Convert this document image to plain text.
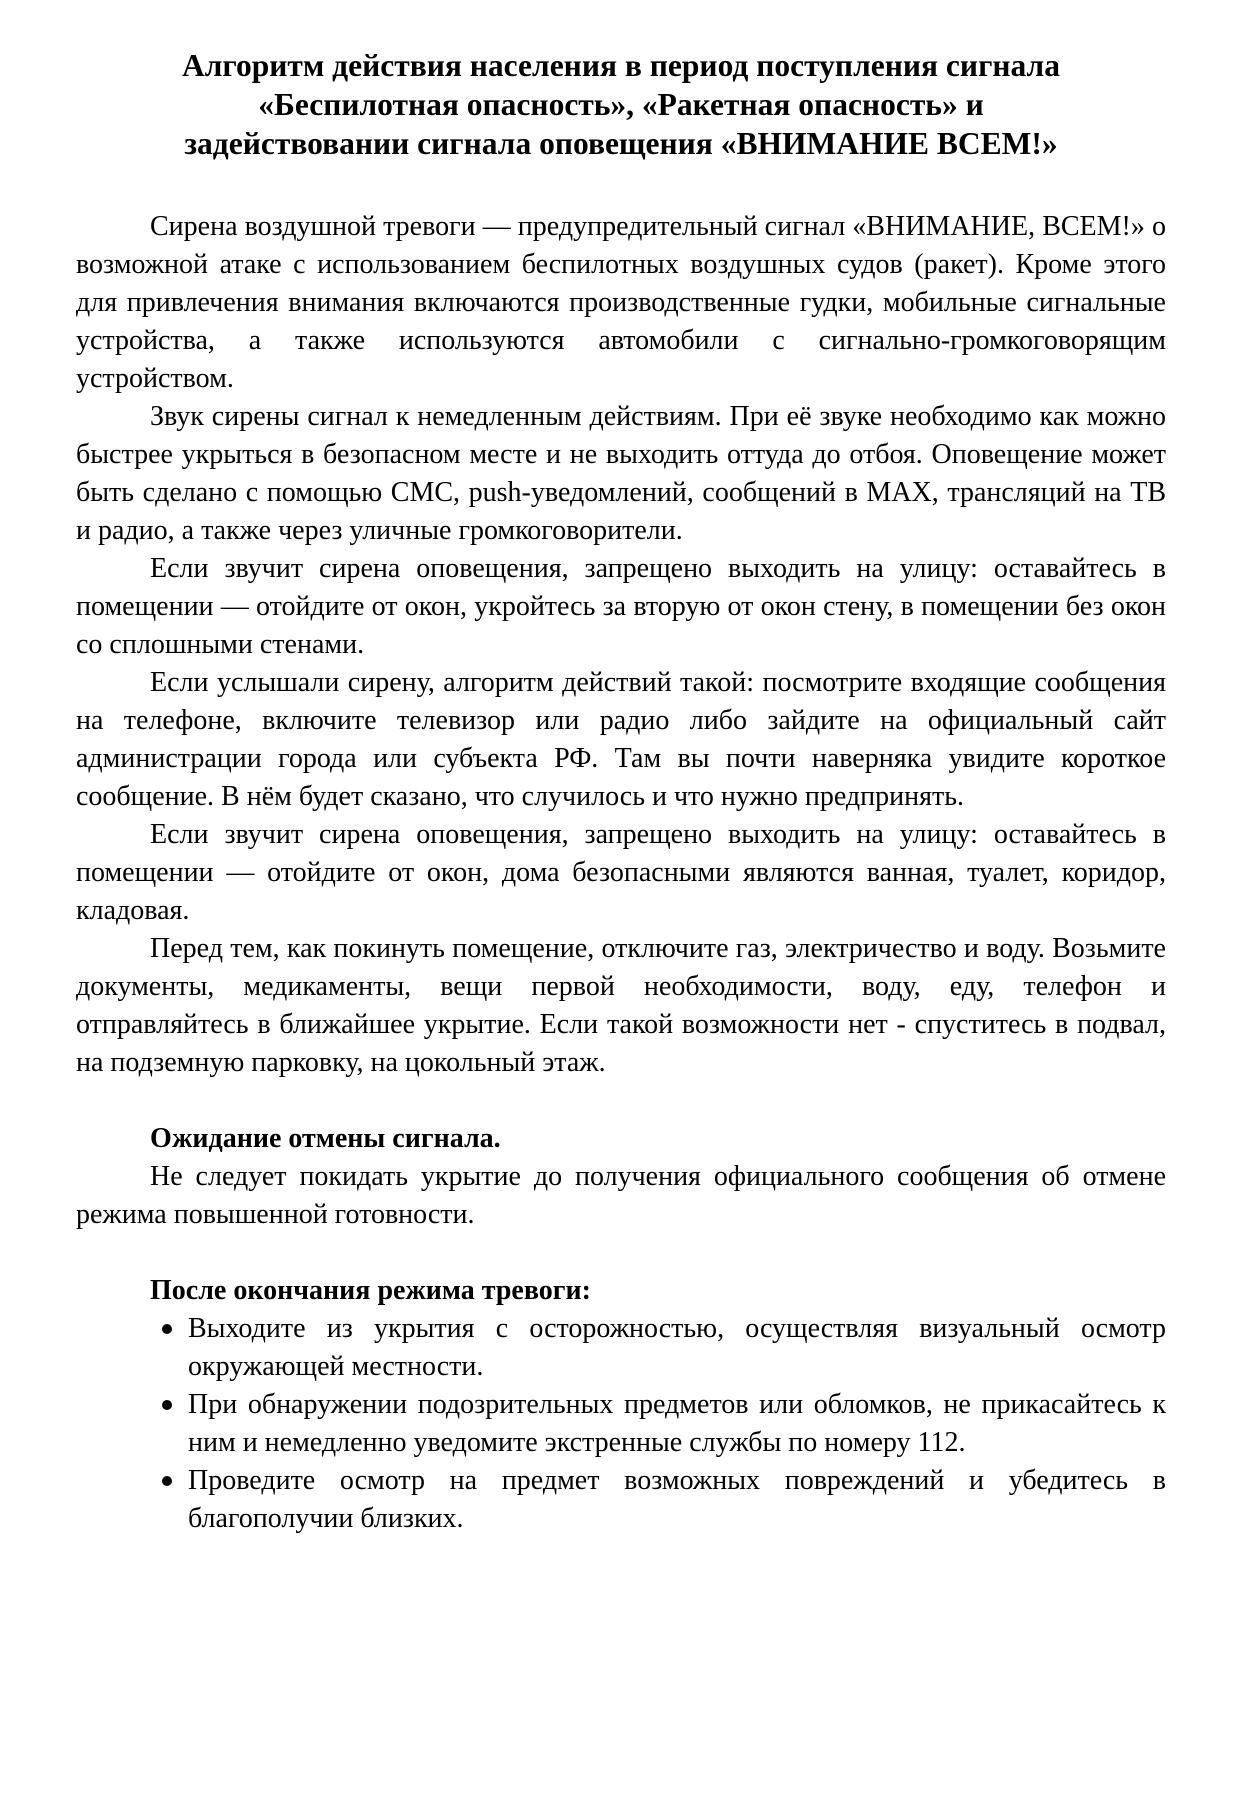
Алгоритм действия населения в период поступления сигнала
«Беспилотная опасность», «Ракетная опасность» и
задействовании сигнала оповещения «ВНИМАНИЕ ВСЕМ!»

Сирена воздушной тревоги — предупредительный сигнал «ВНИМАНИЕ, ВСЕМ!» о возможной атаке с использованием беспилотных воздушных судов (ракет). Кроме этого для привлечения внимания включаются производственные гудки, мобильные сигнальные устройства, а также используются автомобили с сигнально-громкоговорящим устройством.

Звук сирены сигнал к немедленным действиям. При её звуке необходимо как можно быстрее укрыться в безопасном месте и не выходить оттуда до отбоя. Оповещение может быть сделано с помощью СМС, push-уведомлений, сообщений в MAX, трансляций на ТВ и радио, а также через уличные громкоговорители.

Если звучит сирена оповещения, запрещено выходить на улицу: оставайтесь в помещении — отойдите от окон, укройтесь за вторую от окон стену, в помещении без окон со сплошными стенами.

Если услышали сирену, алгоритм действий такой: посмотрите входящие сообщения на телефоне, включите телевизор или радио либо зайдите на официальный сайт администрации города или субъекта РФ. Там вы почти наверняка увидите короткое сообщение. В нём будет сказано, что случилось и что нужно предпринять.

Если звучит сирена оповещения, запрещено выходить на улицу: оставайтесь в помещении — отойдите от окон, дома безопасными являются ванная, туалет, коридор, кладовая.

Перед тем, как покинуть помещение, отключите газ, электричество и воду. Возьмите документы, медикаменты, вещи первой необходимости, воду, еду, телефон и отправляйтесь в ближайшее укрытие. Если такой возможности нет - спуститесь в подвал, на подземную парковку, на цокольный этаж.

Ожидание отмены сигнала.

Не следует покидать укрытие до получения официального сообщения об отмене режима повышенной готовности.

После окончания режима тревоги:

Выходите из укрытия с осторожностью, осуществляя визуальный осмотр окружающей местности.
При обнаружении подозрительных предметов или обломков, не прикасайтесь к ним и немедленно уведомите экстренные службы по номеру 112.
Проведите осмотр на предмет возможных повреждений и убедитесь в благополучии близких.
